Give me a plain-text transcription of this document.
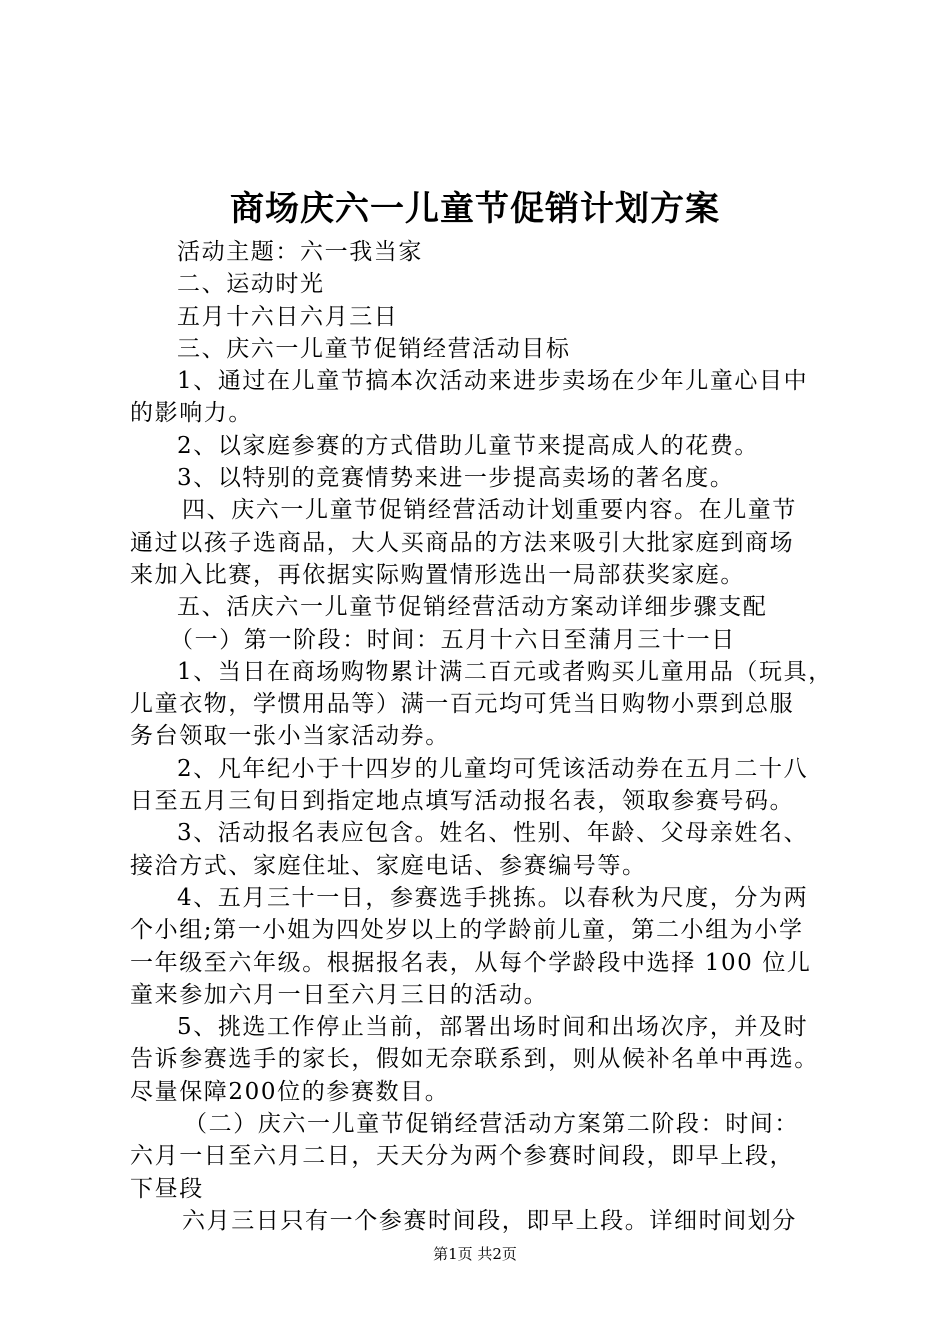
商场庆六一儿童节促销计划方案
活动主题：六一我当家
二、运动时光
五月十六日六月三日
三、庆六一儿童节促销经营活动目标
1、通过在儿童节搞本次活动来进步卖场在少年儿童心目中
的影响力。
2、以家庭参赛的方式借助儿童节来提高成人的花费。
3、以特别的竞赛情势来进一步提高卖场的著名度。
四、庆六一儿童节促销经营活动计划重要内容。在儿童节
通过以孩子选商品，大人买商品的方法来吸引大批家庭到商场
来加入比赛，再依据实际购置情形选出一局部获奖家庭。
五、活庆六一儿童节促销经营活动方案动详细步骤支配
（一）第一阶段：时间：五月十六日至蒲月三十一日
1、当日在商场购物累计满二百元或者购买儿童用品（玩具，
儿童衣物，学惯用品等）满一百元均可凭当日购物小票到总服
务台领取一张小当家活动券。
2、凡年纪小于十四岁的儿童均可凭该活动券在五月二十八
日至五月三旬日到指定地点填写活动报名表，领取参赛号码。
3、活动报名表应包含。姓名、性别、年龄、父母亲姓名、
接洽方式、家庭住址、家庭电话、参赛编号等。
4、五月三十一日，参赛选手挑拣。以春秋为尺度，分为两
个小组;第一小姐为四处岁以上的学龄前儿童，第二小组为小学
一年级至六年级。根据报名表，从每个学龄段中选择 100 位儿
童来参加六月一日至六月三日的活动。
5、挑选工作停止当前，部署出场时间和出场次序，并及时
告诉参赛选手的家长，假如无奈联系到，则从候补名单中再选。
尽量保障200位的参赛数目。
（二）庆六一儿童节促销经营活动方案第二阶段：时间：
六月一日至六月二日，天天分为两个参赛时间段，即早上段，
下昼段
六月三日只有一个参赛时间段，即早上段。详细时间划分
第1页 共2页
